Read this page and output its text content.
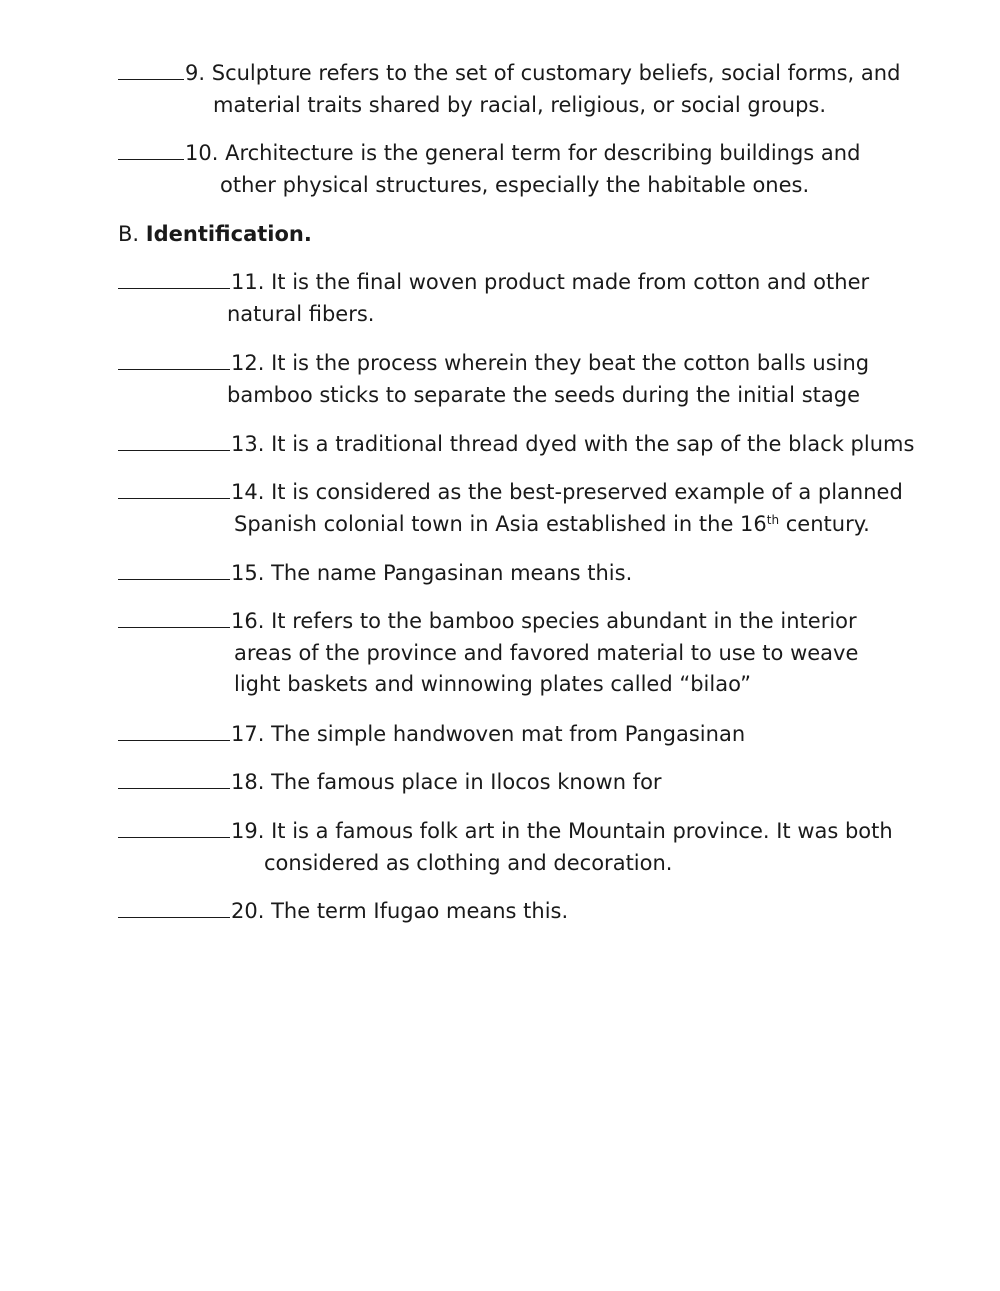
9. Sculpture refers to the set of customary beliefs, social forms, and
material traits shared by racial, religious, or social groups.
10. Architecture is the general term for describing buildings and
other physical structures, especially the habitable ones.
B. Identification.
11. It is the final woven product made from cotton and other
natural fibers.
12. It is the process wherein they beat the cotton balls using
bamboo sticks to separate the seeds during the initial stage
13. It is a traditional thread dyed with the sap of the black plums
14. It is considered as the best-preserved example of a planned
Spanish colonial town in Asia established in the 16th century.
15. The name Pangasinan means this.
16. It refers to the bamboo species abundant in the interior
areas of the province and favored material to use to weave
light baskets and winnowing plates called “bilao”
17. The simple handwoven mat from Pangasinan
18. The famous place in Ilocos known for
19. It is a famous folk art in the Mountain province. It was both
considered as clothing and decoration.
20. The term Ifugao means this.
